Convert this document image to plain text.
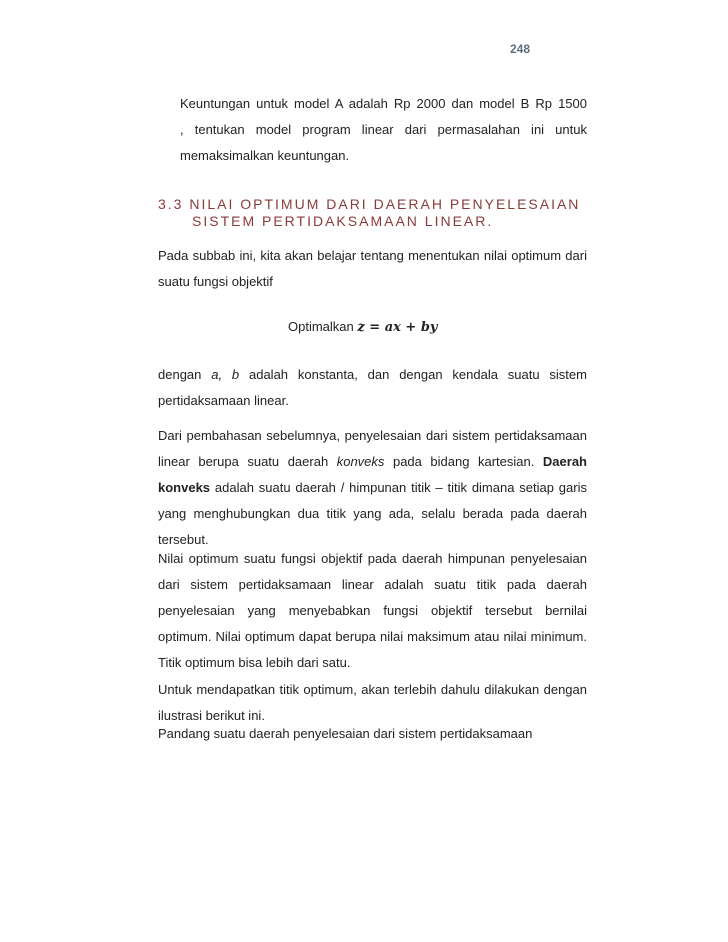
248
Keuntungan untuk model A adalah Rp 2000 dan model B Rp 1500
, tentukan model program linear dari permasalahan ini untuk
memaksimalkan keuntungan.
3.3 NILAI OPTIMUM DARI DAERAH PENYELESAIAN
SISTEM PERTIDAKSAMAAN LINEAR.
Pada subbab ini, kita akan belajar tentang menentukan nilai optimum dari
suatu fungsi objektif
Optimalkan z = ax + by
dengan a, b adalah konstanta, dan dengan kendala suatu sistem
pertidaksamaan linear.
Dari pembahasan sebelumnya, penyelesaian dari sistem pertidaksamaan
linear berupa suatu daerah konveks pada bidang kartesian. Daerah
konveks adalah suatu daerah / himpunan titik – titik dimana setiap garis
yang menghubungkan dua titik yang ada, selalu berada pada daerah
tersebut.
Nilai optimum suatu fungsi objektif pada daerah himpunan penyelesaian
dari sistem pertidaksamaan linear adalah suatu titik pada daerah
penyelesaian yang menyebabkan fungsi objektif tersebut bernilai
optimum. Nilai optimum dapat berupa nilai maksimum atau nilai minimum.
Titik optimum bisa lebih dari satu.
Untuk mendapatkan titik optimum, akan terlebih dahulu dilakukan dengan
ilustrasi berikut ini.
Pandang suatu daerah penyelesaian dari sistem pertidaksamaan
